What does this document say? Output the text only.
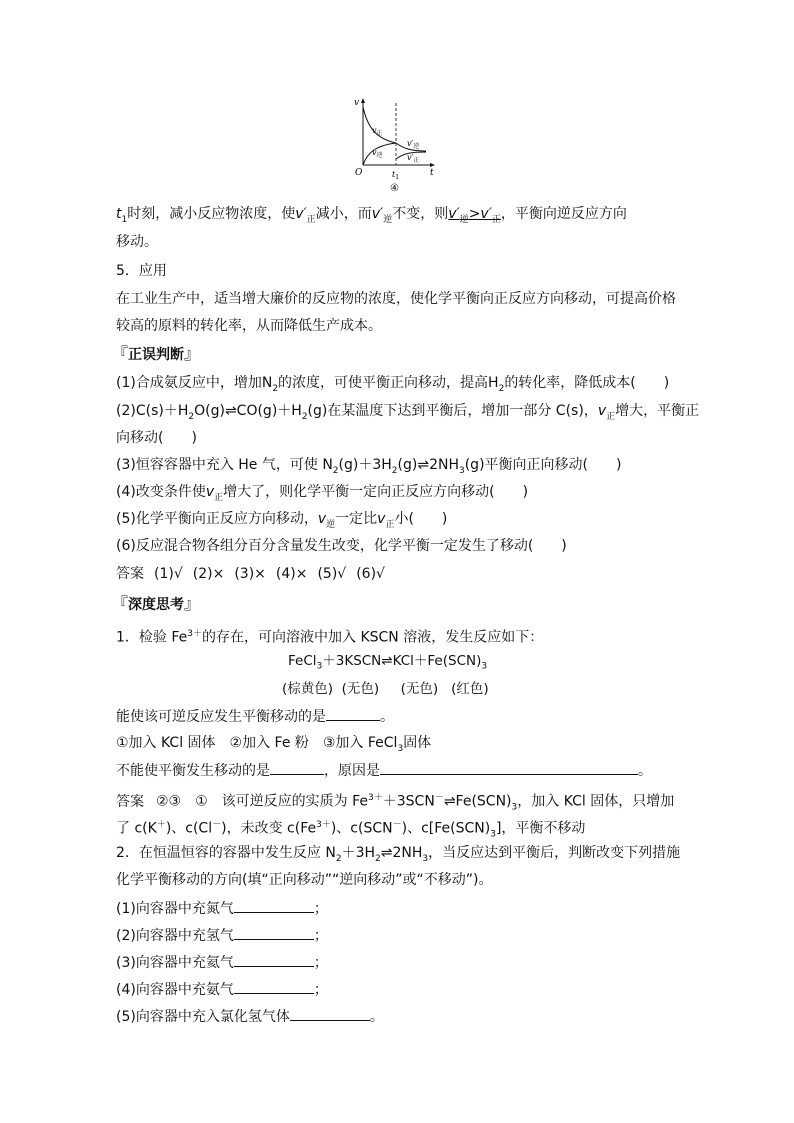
v
t
O	$t_1$
$v_正$
$v_逆$
$v'_逆$
$v'_正$
④
$t_1$时刻，减小反应物浓度，使$v'_正$减小，而$v'_逆$不变，则$v'_逆>v'_正$，平衡向逆反应方向
移动。
5．应用
在工业生产中，适当增大廉价的反应物的浓度，使化学平衡向正反应方向移动，可提高价格
较高的原料的转化率，从而降低生产成本。
『正误判断』
(1)合成氨反应中，增加$N_2$的浓度，可使平衡正向移动，提高$H_2$的转化率，降低成本(　　)
$(2)C(s)+H_2O(g)\rightleftharpoons CO(g)+H_2(g)$在某温度下达到平衡后，增加一部分 C(s)，$v_正$增大，平衡正
向移动(　　)
(3)恒容容器中充入 He 气，可使 $N_2(g)+3H_2(g)\rightleftharpoons 2NH_3(g)$平衡向正向移动(　　)
(4)改变条件使$v_正$增大了，则化学平衡一定向正反应方向移动(　　)
(5)化学平衡向正反应方向移动，$v_逆$一定比$v_正$小(　　)
(6)反应混合物各组分百分含量发生改变，化学平衡一定发生了移动(　　)
答案 (1)√ (2)× (3)× (4)× (5)√ (6)√
『深度思考』
1．检验 $Fe^{3+}$的存在，可向溶液中加入 KSCN 溶液，发生反应如下：
$FeCl_3+3KSCN\rightleftharpoons KCl+Fe(SCN)_3$
(棕黄色) (无色) (无色) (红色)
能使该可逆反应发生平衡移动的是	。
①加入 KCl 固体　②加入 Fe 粉　③加入 FeCl$_3$固体
不能使平衡发生移动的是	，原因是	。
答案 ②③　①　该可逆反应的实质为 $Fe^{3+}+3SCN^-\rightleftharpoons Fe(SCN)_3$，加入 KCl 固体，只增加
了 c(K＋)、c(Cl－)，未改变 $c(Fe^{3+})$、c(SCN－)、$c[Fe(SCN)_3]$，平衡不移动
2．在恒温恒容的容器中发生反应 $N_2+3H_2\rightleftharpoons 2NH_3$，当反应达到平衡后，判断改变下列措施
化学平衡移动的方向(填“正向移动”“逆向移动”或“不移动”)。
(1)向容器中充氮气	；
(2)向容器中充氢气	；
(3)向容器中充氦气	；
(4)向容器中充氨气	；
(5)向容器中充入氯化氢气体	。
